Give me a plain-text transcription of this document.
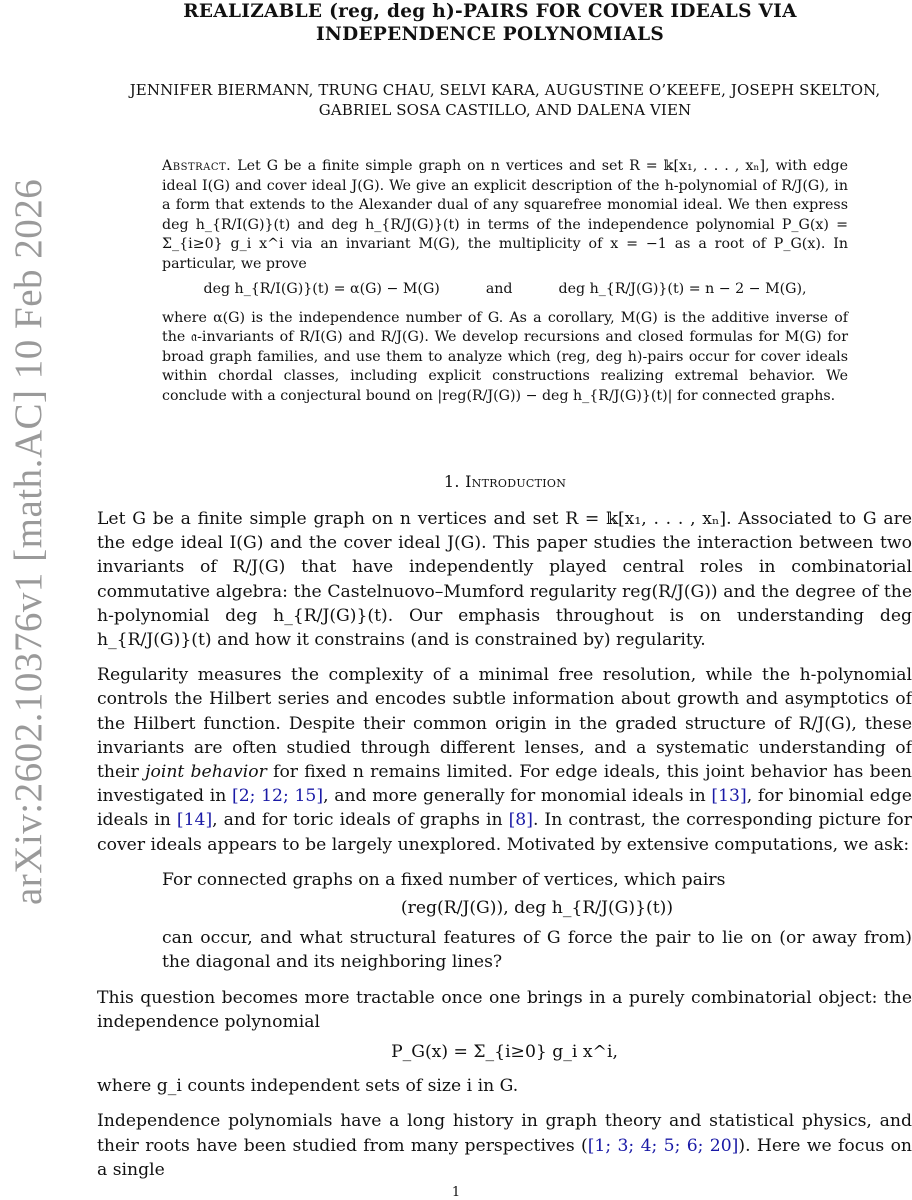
arXiv:2602.10376v1 [math.AC] 10 Feb 2026
REALIZABLE (reg, deg h)-PAIRS FOR COVER IDEALS VIA
INDEPENDENCE POLYNOMIALS
JENNIFER BIERMANN, TRUNG CHAU, SELVI KARA, AUGUSTINE O’KEEFE, JOSEPH SKELTON,
GABRIEL SOSA CASTILLO, AND DALENA VIEN

Abstract. Let G be a finite simple graph on n vertices and set R = 𝕜[x₁, . . . , xₙ], with edge ideal I(G) and cover ideal J(G). We give an explicit description of the h-polynomial of R/J(G), in a form that extends to the Alexander dual of any squarefree monomial ideal. We then express deg h_{R/I(G)}(t) and deg h_{R/J(G)}(t) in terms of the independence polynomial P_G(x) = Σ_{i≥0} g_i x^i via an invariant M(G), the multiplicity of x = −1 as a root of P_G(x). In particular, we prove

deg h_{R/I(G)}(t) = α(G) − M(G)	and	deg h_{R/J(G)}(t) = n − 2 − M(G),

where α(G) is the independence number of G. As a corollary, M(G) is the additive inverse of the 𝔞-invariants of R/I(G) and R/J(G). We develop recursions and closed formulas for M(G) for broad graph families, and use them to analyze which (reg, deg h)-pairs occur for cover ideals within chordal classes, including explicit constructions realizing extremal behavior. We conclude with a conjectural bound on |reg(R/J(G)) − deg h_{R/J(G)}(t)| for connected graphs.

1. Introduction

Let G be a finite simple graph on n vertices and set R = 𝕜[x₁, . . . , xₙ]. Associated to G are the edge ideal I(G) and the cover ideal J(G). This paper studies the interaction between two invariants of R/J(G) that have independently played central roles in combinatorial commutative algebra: the Castelnuovo–Mumford regularity reg(R/J(G)) and the degree of the h-polynomial deg h_{R/J(G)}(t). Our emphasis throughout is on understanding deg h_{R/J(G)}(t) and how it constrains (and is constrained by) regularity.

Regularity measures the complexity of a minimal free resolution, while the h-polynomial controls the Hilbert series and encodes subtle information about growth and asymptotics of the Hilbert function. Despite their common origin in the graded structure of R/J(G), these invariants are often studied through different lenses, and a systematic understanding of their joint behavior for fixed n remains limited. For edge ideals, this joint behavior has been investigated in [2; 12; 15], and more generally for monomial ideals in [13], for binomial edge ideals in [14], and for toric ideals of graphs in [8]. In contrast, the corresponding picture for cover ideals appears to be largely unexplored. Motivated by extensive computations, we ask:

For connected graphs on a fixed number of vertices, which pairs
(reg(R/J(G)), deg h_{R/J(G)}(t))
can occur, and what structural features of G force the pair to lie on (or away from) the diagonal and its neighboring lines?

This question becomes more tractable once one brings in a purely combinatorial object: the independence polynomial

P_G(x) = Σ_{i≥0} g_i x^i,

where g_i counts independent sets of size i in G.

Independence polynomials have a long history in graph theory and statistical physics, and their roots have been studied from many perspectives ([1; 3; 4; 5; 6; 20]). Here we focus on a single

1
